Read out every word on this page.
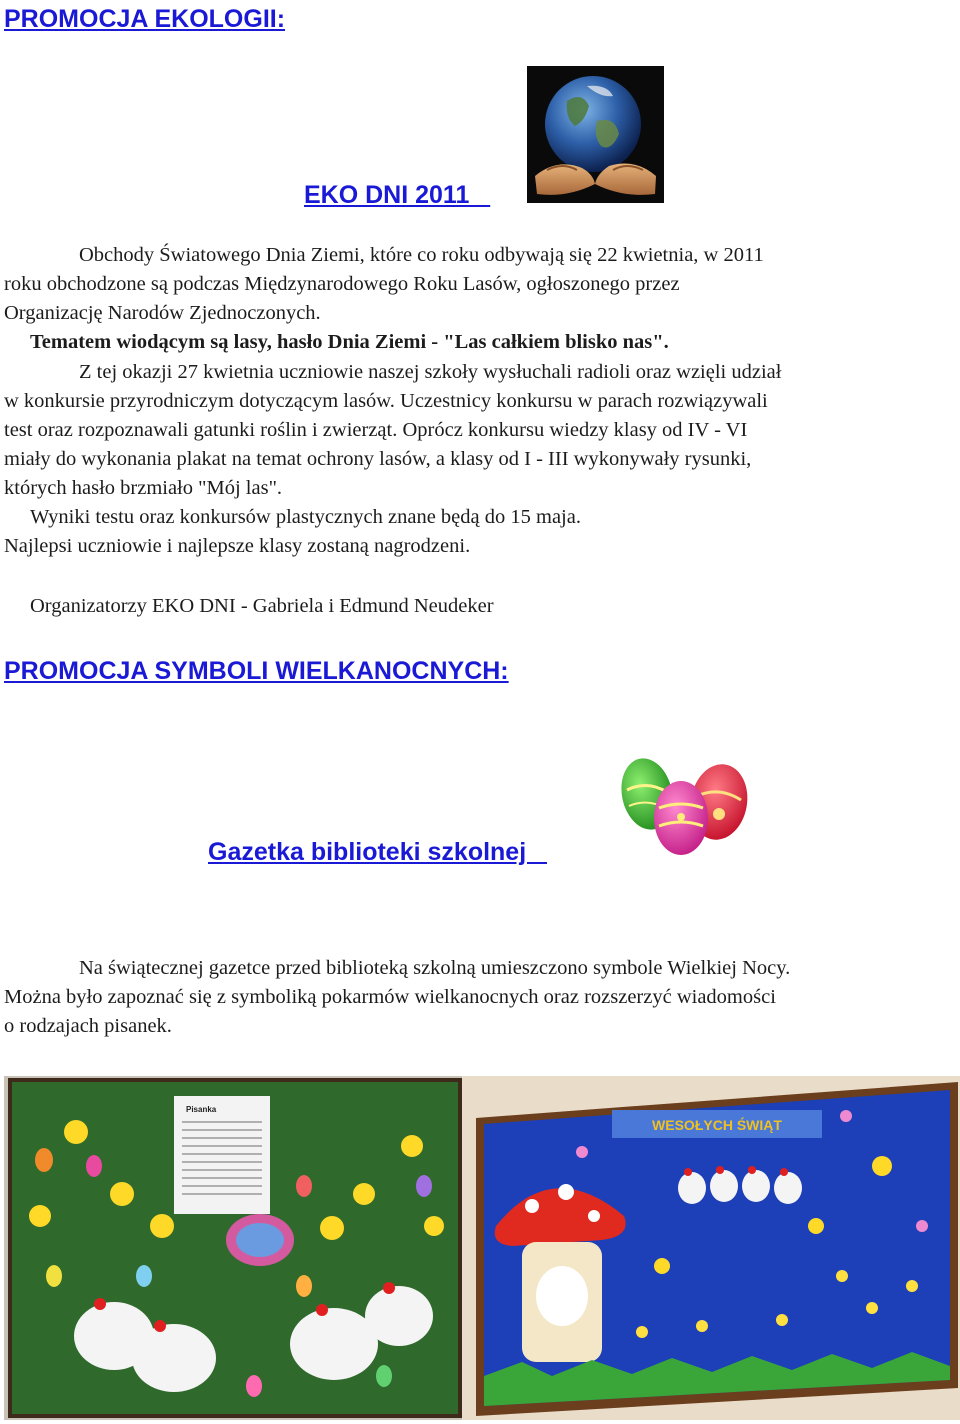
PROMOCJA EKOLOGII:
EKO DNI 2011
Obchody Światowego Dnia Ziemi, które co roku odbywają się 22 kwietnia, w 2011
roku obchodzone są podczas Międzynarodowego Roku Lasów, ogłoszonego przez
Organizację Narodów Zjednoczonych.
Tematem wiodącym są lasy, hasło Dnia Ziemi - "Las całkiem blisko nas".
Z tej okazji 27 kwietnia uczniowie naszej szkoły wysłuchali radioli oraz wzięli udział
w konkursie przyrodniczym dotyczącym lasów. Uczestnicy konkursu w parach rozwiązywali
test oraz rozpoznawali gatunki roślin i zwierząt. Oprócz konkursu wiedzy klasy od IV - VI
miały do wykonania plakat na temat ochrony lasów, a klasy od I - III wykonywały rysunki,
których hasło brzmiało "Mój las".
Wyniki testu oraz konkursów plastycznych znane będą do 15 maja.
Najlepsi uczniowie i najlepsze klasy zostaną nagrodzeni.
Organizatorzy EKO DNI - Gabriela i Edmund Neudeker
PROMOCJA SYMBOLI WIELKANOCNYCH:
Gazetka biblioteki szkolnej
Na świątecznej gazetce przed biblioteką szkolną umieszczono symbole Wielkiej Nocy.
Można było zapoznać się z symboliką pokarmów wielkanocnych oraz rozszerzyć wiadomości
o rodzajach pisanek.
Pisanka
WESOŁYCH ŚWIĄT
